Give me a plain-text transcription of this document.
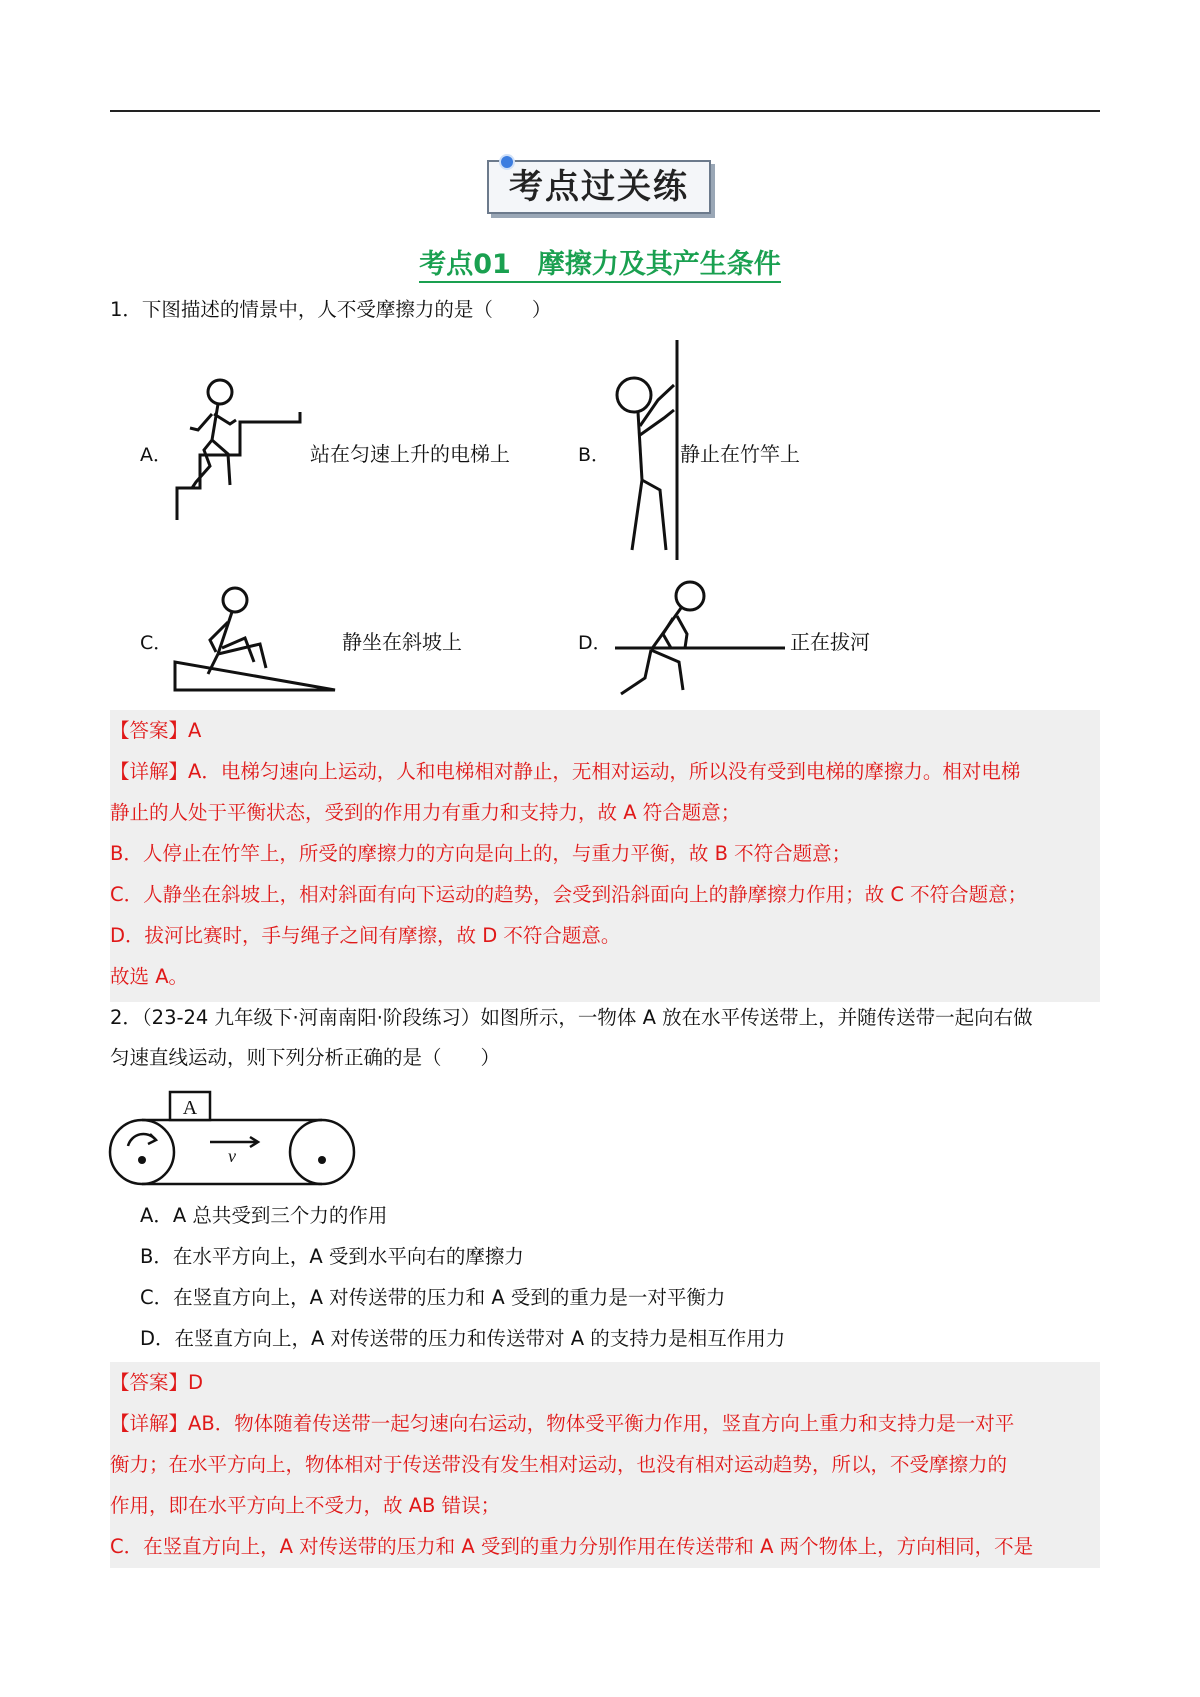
考点过关练
考点01　摩擦力及其产生条件
1．下图描述的情景中，人不受摩擦力的是（　　）
A．	站在匀速上升的电梯上	B．	静止在竹竿上
C．	静坐在斜坡上	D．	正在拔河
【答案】A
【详解】A．电梯匀速向上运动，人和电梯相对静止，无相对运动，所以没有受到电梯的摩擦力。相对电梯
静止的人处于平衡状态，受到的作用力有重力和支持力，故 A 符合题意；
B．人停止在竹竿上，所受的摩擦力的方向是向上的，与重力平衡，故 B 不符合题意；
C．人静坐在斜坡上，相对斜面有向下运动的趋势，会受到沿斜面向上的静摩擦力作用；故 C 不符合题意；
D．拔河比赛时，手与绳子之间有摩擦，故 D 不符合题意。
故选 A。
2．（23-24 九年级下·河南南阳·阶段练习）如图所示，一物体 A 放在水平传送带上，并随传送带一起向右做
匀速直线运动，则下列分析正确的是（　　）
A
v
A．A 总共受到三个力的作用
B．在水平方向上，A 受到水平向右的摩擦力
C．在竖直方向上，A 对传送带的压力和 A 受到的重力是一对平衡力
D．在竖直方向上，A 对传送带的压力和传送带对 A 的支持力是相互作用力
【答案】D
【详解】AB．物体随着传送带一起匀速向右运动，物体受平衡力作用，竖直方向上重力和支持力是一对平
衡力；在水平方向上，物体相对于传送带没有发生相对运动，也没有相对运动趋势，所以，不受摩擦力的
作用，即在水平方向上不受力，故 AB 错误；
C．在竖直方向上，A 对传送带的压力和 A 受到的重力分别作用在传送带和 A 两个物体上，方向相同，不是
